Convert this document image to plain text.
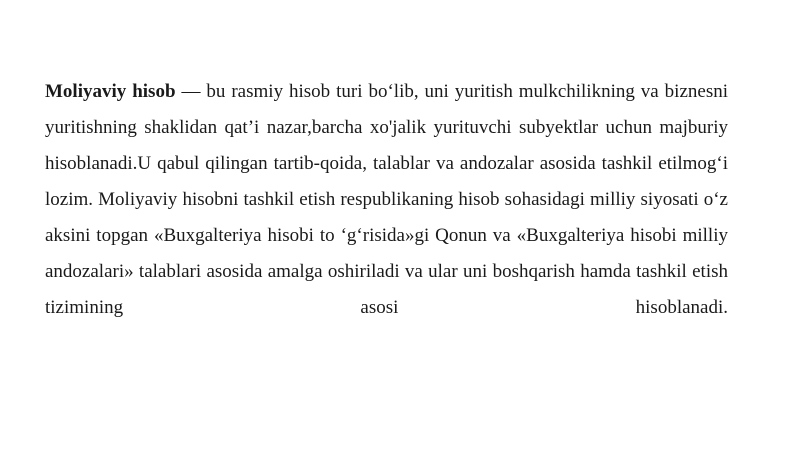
Moliyaviy hisob — bu rasmiy hisob turi bo‘lib, uni yuritish mulkchilikning va biznesni yuritishning shaklidan qat’i nazar,barcha xo'jalik yurituvchi subyektlar uchun majburiy hisoblanadi.U qabul qilingan tartib-qoida, talablar va andozalar asosida tashkil etilmog‘i lozim. Moliyaviy hisobni tashkil etish respublikaning hisob sohasidagi milliy siyosati o‘z aksini topgan «Buxgalteriya hisobi to ‘g‘risida»gi Qonun va «Buxgalteriya hisobi milliy andozalari» talablari asosida amalga oshiriladi va ular uni boshqarish hamda tashkil etish tizimining asosi hisoblanadi.
